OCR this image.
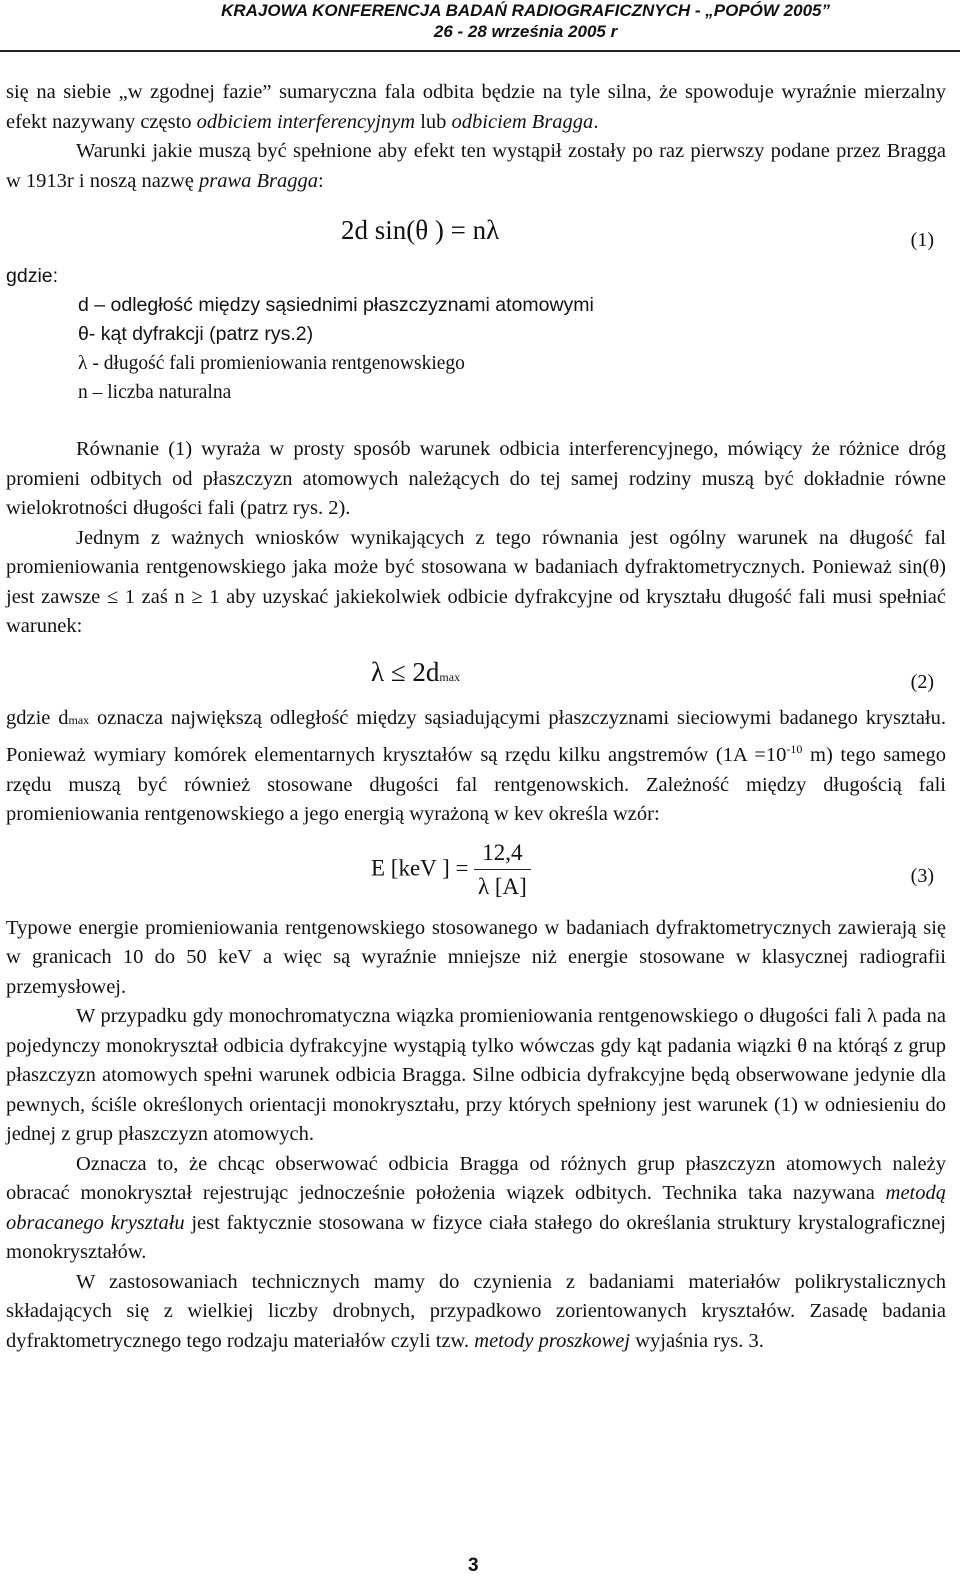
KRAJOWA KONFERENCJA BADAŃ RADIOGRAFICZNYCH - „POPÓW 2005”
26 - 28 września 2005 r

się na siebie „w zgodnej fazie” sumaryczna fala odbita będzie na tyle silna, że spowoduje wyraźnie mierzalny efekt nazywany często odbiciem interferencyjnym lub odbiciem Bragga.

Warunki jakie muszą być spełnione aby efekt ten wystąpił zostały po raz pierwszy podane przez Bragga w 1913r i noszą nazwę prawa Bragga:

2d sin(θ ) = nλ	(1)
gdzie:
d – odległość między sąsiednimi płaszczyznami atomowymi
θ- kąt dyfrakcji (patrz rys.2)
λ - długość fali promieniowania rentgenowskiego
n – liczba naturalna

Równanie (1) wyraża w prosty sposób warunek odbicia interferencyjnego, mówiący że różnice dróg promieni odbitych od płaszczyzn atomowych należących do tej samej rodziny muszą być dokładnie równe wielokrotności długości fali (patrz rys. 2).

Jednym z ważnych wniosków wynikających z tego równania jest ogólny warunek na długość fal promieniowania rentgenowskiego jaka może być stosowana w badaniach dyfraktometrycznych. Ponieważ sin(θ) jest zawsze ≤ 1 zaś n ≥ 1 aby uzyskać jakiekolwiek odbicie dyfrakcyjne od kryształu długość fali musi spełniać warunek:

λ ≤ 2dmax	(2)

gdzie dmax oznacza największą odległość między sąsiadującymi płaszczyznami sieciowymi badanego kryształu. Ponieważ wymiary komórek elementarnych kryształów są rzędu kilku angstremów ($1A =10^{-10}$ m) tego samego rzędu muszą być również stosowane długości fal rentgenowskich. Zależność między długością fali promieniowania rentgenowskiego a jego energią wyrażoną w kev określa wzór:

E [keV ] = $\frac{12,4}{\lambda [A]}$	(3)

Typowe energie promieniowania rentgenowskiego stosowanego w badaniach dyfraktometrycznych zawierają się w granicach 10 do 50 keV a więc są wyraźnie mniejsze niż energie stosowane w klasycznej radiografii przemysłowej.

W przypadku gdy monochromatyczna wiązka promieniowania rentgenowskiego o długości fali λ pada na pojedynczy monokryształ odbicia dyfrakcyjne wystąpią tylko wówczas gdy kąt padania wiązki θ na którąś z grup płaszczyzn atomowych spełni warunek odbicia Bragga. Silne odbicia dyfrakcyjne będą obserwowane jedynie dla pewnych, ściśle określonych orientacji monokryształu, przy których spełniony jest warunek (1) w odniesieniu do jednej z grup płaszczyzn atomowych.

Oznacza to, że chcąc obserwować odbicia Bragga od różnych grup płaszczyzn atomowych należy obracać monokryształ rejestrując jednocześnie położenia wiązek odbitych. Technika taka nazywana metodą obracanego kryształu jest faktycznie stosowana w fizyce ciała stałego do określania struktury krystalograficznej monokryształów.

W zastosowaniach technicznych mamy do czynienia z badaniami materiałów polikrystalicznych składających się z wielkiej liczby drobnych, przypadkowo zorientowanych kryształów. Zasadę badania dyfraktometrycznego tego rodzaju materiałów czyli tzw. metody proszkowej wyjaśnia rys. 3.

3
